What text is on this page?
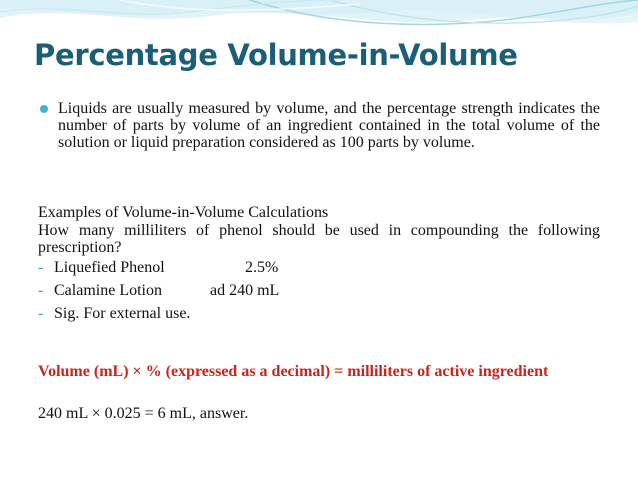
Percentage Volume-in-Volume

Liquids are usually measured by volume, and the percentage strength indicates the number of parts by volume of an ingredient contained in the total volume of the solution or liquid preparation considered as 100 parts by volume.

Examples of Volume-in-Volume Calculations

How many milliliters of phenol should be used in compounding the following prescription?

- Liquefied Phenol	2.5%
- Calamine Lotion	ad 240 mL
- Sig. For external use.

Volume (mL) × % (expressed as a decimal) = milliliters of active ingredient

240 mL × 0.025 = 6 mL, answer.
